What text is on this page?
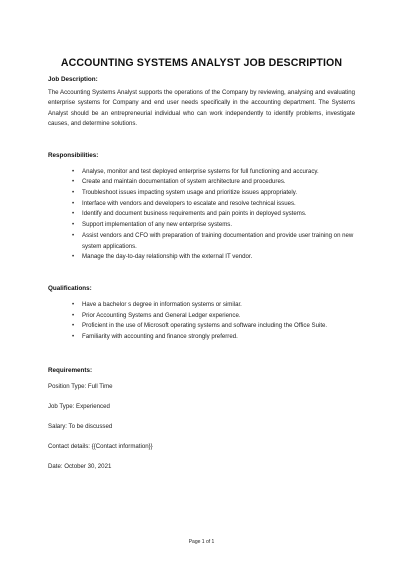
ACCOUNTING SYSTEMS ANALYST JOB DESCRIPTION
Job Description:
The Accounting Systems Analyst supports the operations of the Company by reviewing, analysing and evaluating enterprise systems for Company and end user needs specifically in the accounting department. The Systems Analyst should be an entrepreneurial individual who can work independently to identify problems, investigate causes, and determine solutions.
Responsibilities:
• Analyse, monitor and test deployed enterprise systems for full functioning and accuracy.
• Create and maintain documentation of system architecture and procedures.
• Troubleshoot issues impacting system usage and prioritize issues appropriately.
• Interface with vendors and developers to escalate and resolve technical issues.
• Identify and document business requirements and pain points in deployed systems.
• Support implementation of any new enterprise systems.
• Assist vendors and CFO with preparation of training documentation and provide user training on new system applications.
• Manage the day-to-day relationship with the external IT vendor.
Qualifications:
• Have a bachelor s degree in information systems or similar.
• Prior Accounting Systems and General Ledger experience.
• Proficient in the use of Microsoft operating systems and software including the Office Suite.
• Familiarity with accounting and finance strongly preferred.
Requirements:
Position Type: Full Time
Job Type: Experienced
Salary: To be discussed
Contact details: {{Contact information}}
Date: October 30, 2021
Page 1 of 1
